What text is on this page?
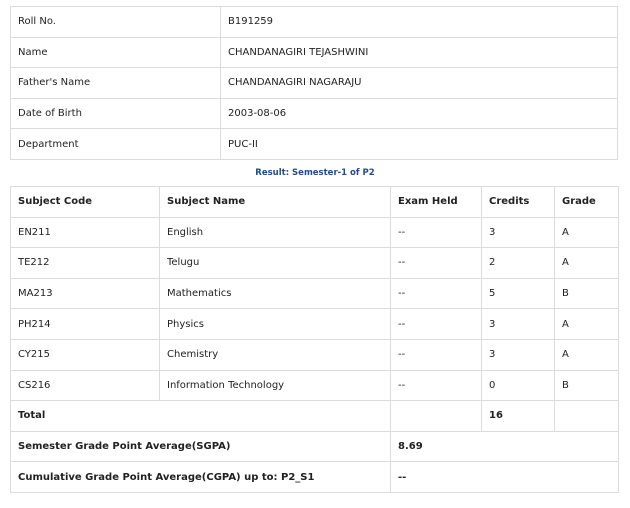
Roll No.	B191259
Name	CHANDANAGIRI TEJASHWINI
Father's Name	CHANDANAGIRI NAGARAJU
Date of Birth	2003-08-06
Department	PUC-II
Result: Semester-1 of P2
Subject Code	Subject Name	Exam Held	Credits	Grade
EN211	English	--	3	A
TE212	Telugu	--	2	A
MA213	Mathematics	--	5	B
PH214	Physics	--	3	A
CY215	Chemistry	--	3	A
CS216	Information Technology	--	0	B
Total			16	
Semester Grade Point Average(SGPA)		8.69		
Cumulative Grade Point Average(CGPA) up to: P2_S1		--		
